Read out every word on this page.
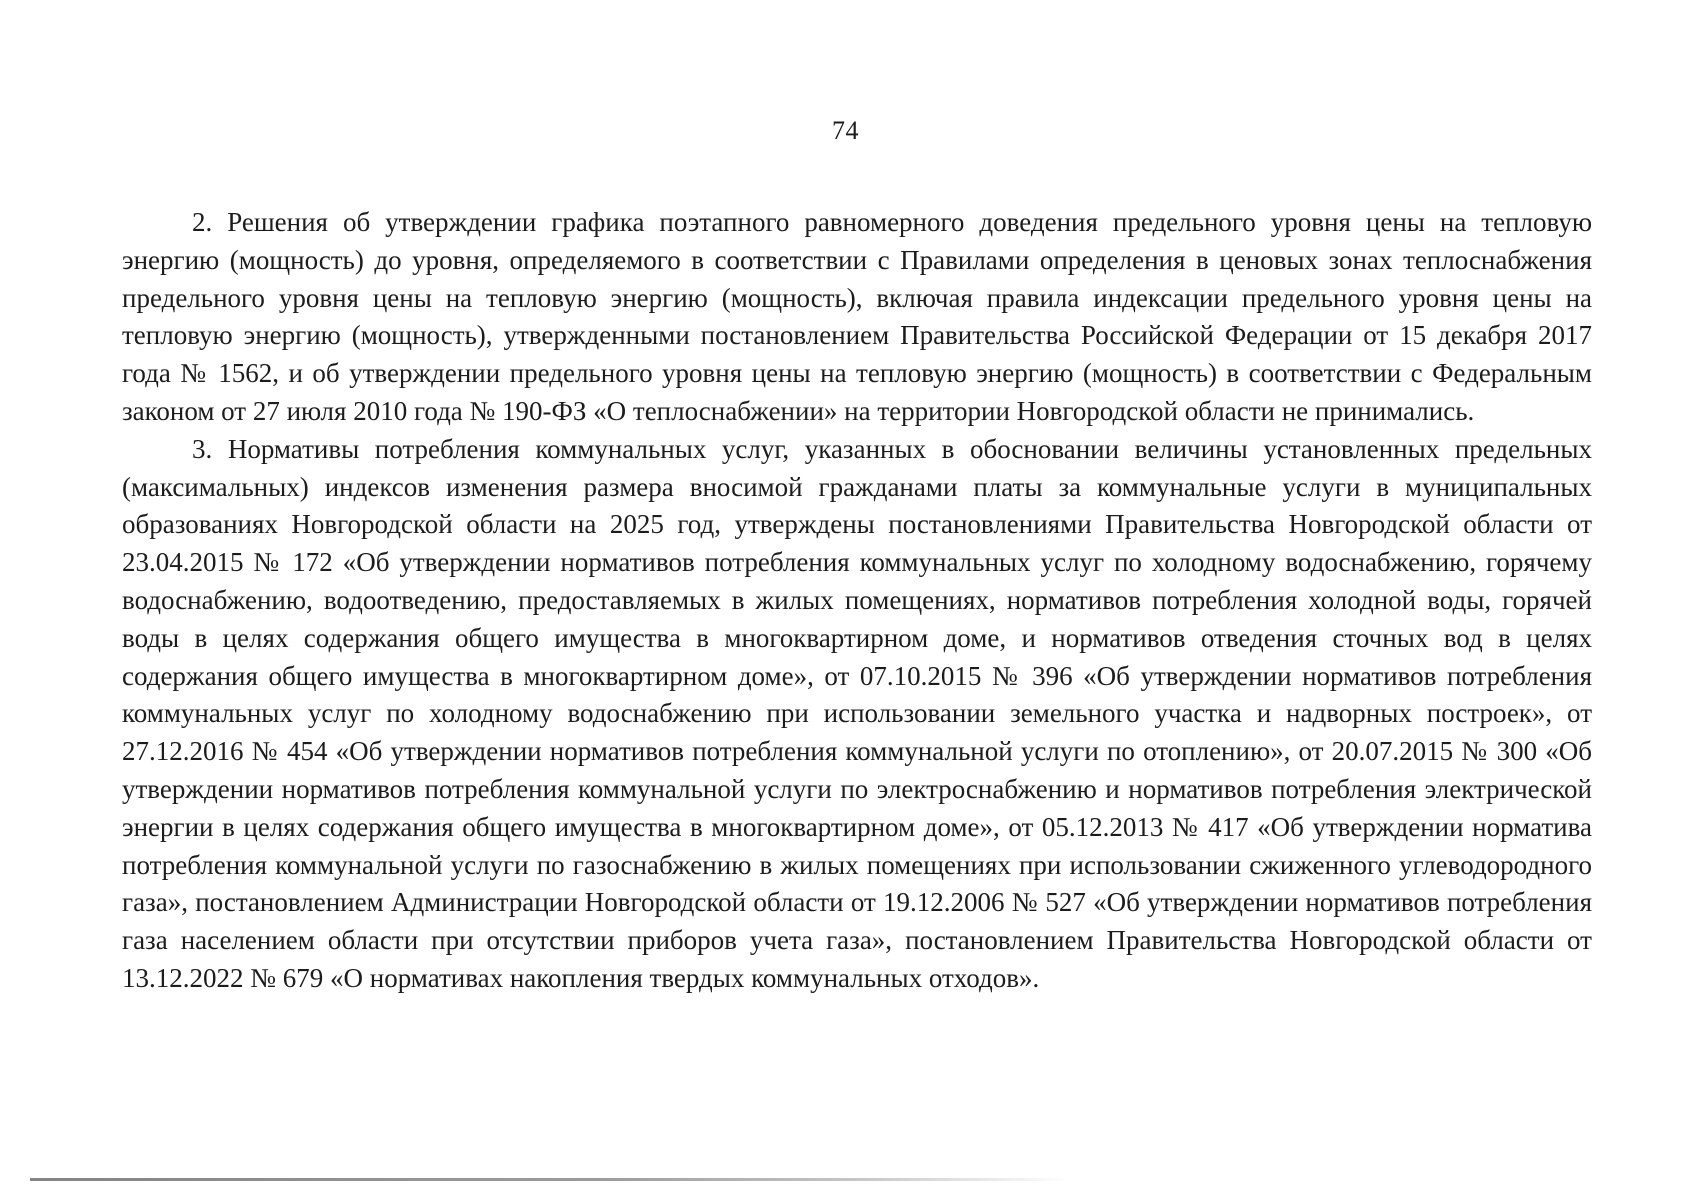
74

2. Решения об утверждении графика поэтапного равномерного доведения предельного уровня цены на тепловую энергию (мощность) до уровня, определяемого в соответствии с Правилами определения в ценовых зонах теплоснабжения предельного уровня цены на тепловую энергию (мощность), включая правила индексации предельного уровня цены на тепловую энергию (мощность), утвержденными постановлением Правительства Российской Федерации от 15 декабря 2017 года № 1562, и об утверждении предельного уровня цены на тепловую энергию (мощность) в соответствии с Федеральным законом от 27 июля 2010 года № 190-ФЗ «О теплоснабжении» на территории Новгородской области не принимались.

3. Нормативы потребления коммунальных услуг, указанных в обосновании величины установленных предельных (максимальных) индексов изменения размера вносимой гражданами платы за коммунальные услуги в муниципальных образованиях Новгородской области на 2025 год, утверждены постановлениями Правительства Новгородской области от 23.04.2015 № 172 «Об утверждении нормативов потребления коммунальных услуг по холодному водоснабжению, горячему водоснабжению, водоотведению, предоставляемых в жилых помещениях, нормативов потребления холодной воды, горячей воды в целях содержания общего имущества в многоквартирном доме, и нормативов отведения сточных вод в целях содержания общего имущества в многоквартирном доме», от 07.10.2015 № 396 «Об утверждении нормативов потребления коммунальных услуг по холодному водоснабжению при использовании земельного участка и надворных построек», от 27.12.2016 № 454 «Об утверждении нормативов потребления коммунальной услуги по отоплению», от 20.07.2015 № 300 «Об утверждении нормативов потребления коммунальной услуги по электроснабжению и нормативов потребления электрической энергии в целях содержания общего имущества в многоквартирном доме», от 05.12.2013 № 417 «Об утверждении норматива потребления коммунальной услуги по газоснабжению в жилых помещениях при использовании сжиженного углеводородного газа», постановлением Администрации Новгородской области от 19.12.2006 № 527 «Об утверждении нормативов потребления газа населением области при отсутствии приборов учета газа», постановлением Правительства Новгородской области от 13.12.2022 № 679 «О нормативах накопления твердых коммунальных отходов».
